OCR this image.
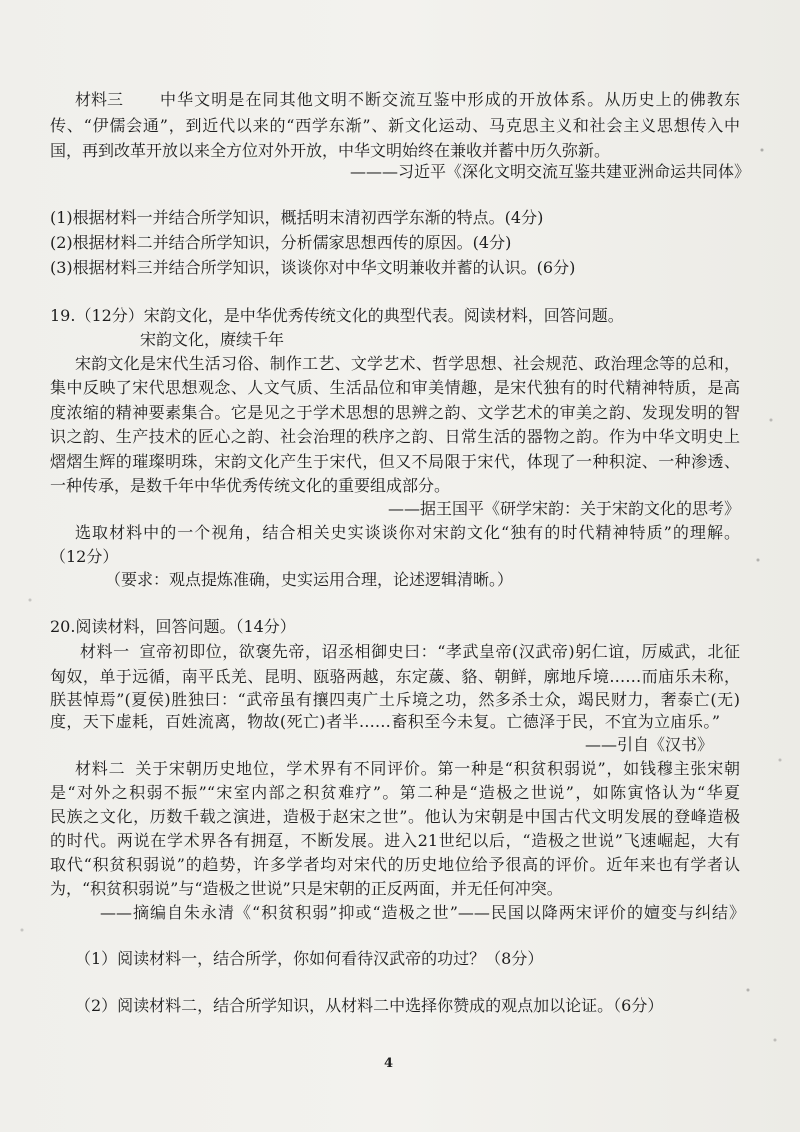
材料三 中华文明是在同其他文明不断交流互鉴中形成的开放体系。从历史上的佛教东
传、“伊儒会通”，到近代以来的“西学东渐”、新文化运动、马克思主义和社会主义思想传入中
国，再到改革开放以来全方位对外开放，中华文明始终在兼收并蓄中历久弥新。
———习近平《深化文明交流互鉴共建亚洲命运共同体》
(1)根据材料一并结合所学知识，概括明末清初西学东渐的特点。(4分)
(2)根据材料二并结合所学知识，分析儒家思想西传的原因。(4分)
(3)根据材料三并结合所学知识，谈谈你对中华文明兼收并蓄的认识。(6分)
19.（12分）宋韵文化，是中华优秀传统文化的典型代表。阅读材料，回答问题。
宋韵文化，赓续千年
宋韵文化是宋代生活习俗、制作工艺、文学艺术、哲学思想、社会规范、政治理念等的总和，
集中反映了宋代思想观念、人文气质、生活品位和审美情趣，是宋代独有的时代精神特质，是高
度浓缩的精神要素集合。它是见之于学术思想的思辨之韵、文学艺术的审美之韵、发现发明的智
识之韵、生产技术的匠心之韵、社会治理的秩序之韵、日常生活的器物之韵。作为中华文明史上
熠熠生辉的璀璨明珠，宋韵文化产生于宋代，但又不局限于宋代，体现了一种积淀、一种渗透、
一种传承，是数千年中华优秀传统文化的重要组成部分。
——据王国平《研学宋韵：关于宋韵文化的思考》
选取材料中的一个视角，结合相关史实谈谈你对宋韵文化“独有的时代精神特质”的理解。
（12分）
（要求：观点提炼准确，史实运用合理，论述逻辑清晰。）
20.阅读材料，回答问题。（14分）
材料一 宣帝初即位，欲褒先帝，诏丞相御史曰：“孝武皇帝(汉武帝)躬仁谊，厉威武，北征
匈奴，单于远循，南平氐羌、昆明、瓯骆两越，东定薉、貉、朝鲜，廓地斥境……而庙乐未称，
朕甚悼焉”(夏侯)胜独曰：“武帝虽有攘四夷广土斥境之功，然多杀士众，竭民财力，奢泰亡(无)
度，天下虚耗，百姓流离，物故(死亡)者半……畜积至今未复。亡德泽于民，不宜为立庙乐。”
——引自《汉书》
材料二 关于宋朝历史地位，学术界有不同评价。第一种是“积贫积弱说”，如钱穆主张宋朝
是“对外之积弱不振”“宋室内部之积贫难疗”。第二种是“造极之世说”，如陈寅恪认为“华夏
民族之文化，历数千载之演进，造极于赵宋之世”。他认为宋朝是中国古代文明发展的登峰造极
的时代。两说在学术界各有拥趸，不断发展。进入21世纪以后，“造极之世说”飞速崛起，大有
取代“积贫积弱说”的趋势，许多学者均对宋代的历史地位给予很高的评价。近年来也有学者认
为，“积贫积弱说”与“造极之世说”只是宋朝的正反两面，并无任何冲突。
——摘编自朱永清《“积贫积弱”抑或“造极之世”——民国以降两宋评价的嬗变与纠结》
（1）阅读材料一，结合所学，你如何看待汉武帝的功过？（8分）
（2）阅读材料二，结合所学知识，从材料二中选择你赞成的观点加以论证。（6分）
4
